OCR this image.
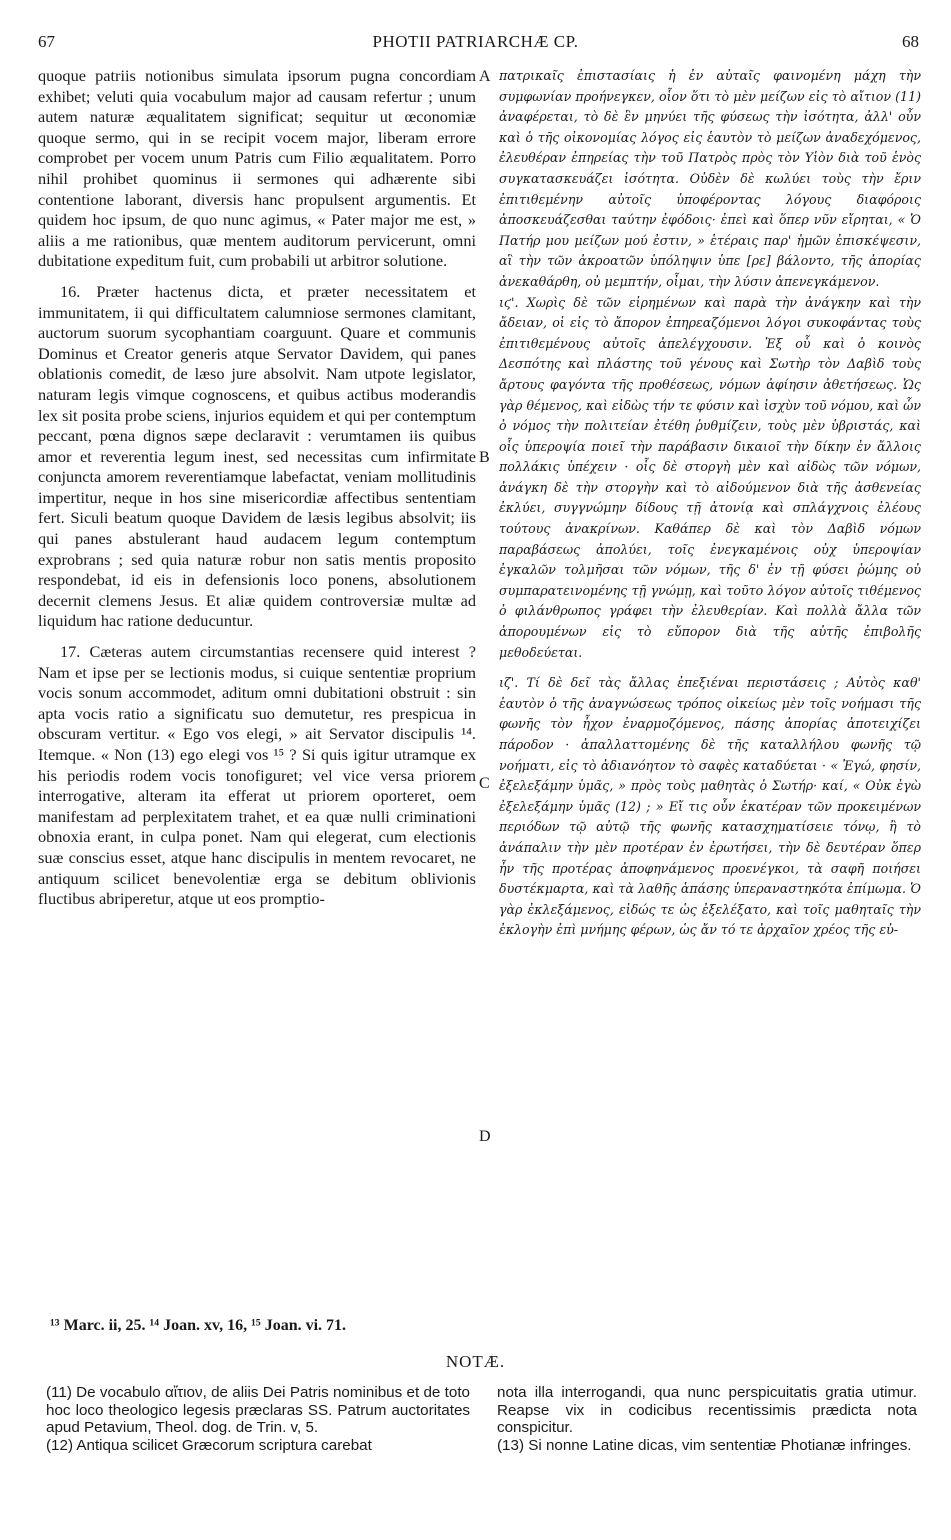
67	PHOTII PATRIARCHÆ CP.	68

quoque patriis notionibus simulata ipsorum pugna concordiam exhibet; veluti quia vocabulum major ad causam refertur ; unum autem naturæ æqualitatem significat; sequitur ut œconomiæ quoque sermo, qui in se recipit vocem major, liberam errore comprobet per vocem unum Patris cum Filio æqualitatem. Porro nihil prohibet quominus ii sermones qui adhærente sibi contentione laborant, diversis hanc propulsent argumentis. Et quidem hoc ipsum, de quo nunc agimus, « Pater major me est, » aliis a me rationibus, quæ mentem auditorum pervicerunt, omni dubitatione expeditum fuit, cum probabili ut arbitror solutione.

16. Præter hactenus dicta, et præter necessitatem et immunitatem, ii qui difficultatem calumniose sermones clamitant, auctorum suorum sycophantiam coarguunt. Quare et communis Dominus et Creator generis atque Servator Davidem, qui panes oblationis comedit, de læso jure absolvit. Nam utpote legislator, naturam legis vimque cognoscens, et quibus actibus moderandis lex sit posita probe sciens, injurios equidem et qui per contemptum peccant, pœna dignos sæpe declaravit : verumtamen iis quibus amor et reverentia legum inest, sed necessitas cum infirmitate conjuncta amorem reverentiamque labefactat, veniam mollitudinis impertitur, neque in hos sine misericordiæ affectibus sententiam fert. Siculi beatum quoque Davidem de læsis legibus absolvit; iis qui panes abstulerant haud audacem legum contemptum exprobrans ; sed quia naturæ robur non satis mentis proposito respondebat, id eis in defensionis loco ponens, absolutionem decernit clemens Jesus. Et aliæ quidem controversiæ multæ ad liquidum hac ratione deducuntur.

17. Cæteras autem circumstantias recensere quid interest ? Nam et ipse per se lectionis modus, si cuique sententiæ proprium vocis sonum accommodet, aditum omni dubitationi obstruit : sin apta vocis ratio a significatu suo demutetur, res prespicua in obscuram vertitur. « Ego vos elegi, » ait Servator discipulis ¹⁴. Itemque. « Non (13) ego elegi vos ¹⁵ ? Si quis igitur utramque ex his periodis rodem vocis tonofiguret; vel vice versa priorem interrogative, alteram ita efferat ut priorem oporteret, oem manifestam ad perplexitatem trahet, et ea quæ nulli criminationi obnoxia erant, in culpa ponet. Nam qui elegerat, cum electionis suæ conscius esset, atque hanc discipulis in mentem revocaret, ne antiquum scilicet benevolentiæ erga se debitum oblivionis fluctibus abriperetur, atque ut eos promptio-

A
B
C
D

πατρικαῖς ἐπιστασίαις ἡ ἐν αὐταῖς φαινομένη μάχη τὴν συμφωνίαν προήνεγκεν, οἷον ὅτι τὸ μὲν μείζων εἰς τὸ αἴτιον (11) ἀναφέρεται, τὸ δὲ ἓν μηνύει τῆς φύσεως τὴν ἰσότητα, ἀλλ' οὖν καὶ ὁ τῆς οἰκονομίας λόγος εἰς ἑαυτὸν τὸ μείζων ἀναδεχόμενος, ἐλευθέραν ἐπηρείας τὴν τοῦ Πατρὸς πρὸς τὸν Υἱὸν διὰ τοῦ ἑνὸς συγκατασκευάζει ἰσότητα. Οὐδὲν δὲ κωλύει τοὺς τὴν ἔριν ἐπιτιθεμένην αὐτοῖς ὑποφέροντας λόγους διαφόροις ἀποσκευάζεσθαι ταύτην ἐφόδοις· ἐπεὶ καὶ ὅπερ νῦν εἴρηται, « Ὁ Πατήρ μου μείζων μού ἐστιν, » ἑτέραις παρ' ἡμῶν ἐπισκέψεσιν, αἳ τὴν τῶν ἀκροατῶν ὑπόληψιν ὑπε [ρε] βάλοντο, τῆς ἀπορίας ἀνεκαθάρθη, οὐ μεμπτήν, οἶμαι, τὴν λύσιν ἀπενεγκάμενον.

ιϛ'. Χωρὶς δὲ τῶν εἰρημένων καὶ παρὰ τὴν ἀνάγκην καὶ τὴν ἄδειαν, οἱ εἰς τὸ ἄπορον ἐπηρεαζόμενοι λόγοι συκοφάντας τοὺς ἐπιτιθεμένους αὐτοῖς ἀπελέγχουσιν. Ἐξ οὗ καὶ ὁ κοινὸς Δεσπότης καὶ πλάστης τοῦ γένους καὶ Σωτὴρ τὸν Δαβὶδ τοὺς ἄρτους φαγόντα τῆς προθέσεως, νόμων ἀφίησιν ἀθετήσεως. Ὡς γὰρ θέμενος, καὶ εἰδὼς τήν τε φύσιν καὶ ἰσχὺν τοῦ νόμου, καὶ ὧν ὁ νόμος τὴν πολιτείαν ἐτέθη ῥυθμίζειν, τοὺς μὲν ὑβριστάς, καὶ οἷς ὑπεροψία ποιεῖ τὴν παράβασιν δικαιοῖ τὴν δίκην ἐν ἄλλοις πολλάκις ὑπέχειν · οἷς δὲ στοργὴ μὲν καὶ αἰδὼς τῶν νόμων, ἀνάγκη δὲ τὴν στοργὴν καὶ τὸ αἰδούμενον διὰ τῆς ἀσθενείας ἐκλύει, συγγνώμην δίδους τῇ ἀτονίᾳ καὶ σπλάγχνοις ἐλέους τούτους ἀνακρίνων. Καθάπερ δὲ καὶ τὸν Δαβὶδ νόμων παραβάσεως ἀπολύει, τοῖς ἐνεγκαμένοις οὐχ ὑπεροψίαν ἐγκαλῶν τολμῆσαι τῶν νόμων, τῆς δ' ἐν τῇ φύσει ῥώμης οὐ συμπαρατεινομένης τῇ γνώμῃ, καὶ τοῦτο λόγον αὐτοῖς τιθέμενος ὁ φιλάνθρωπος γράφει τὴν ἐλευθερίαν. Καὶ πολλὰ ἄλλα τῶν ἀπορουμένων εἰς τὸ εὔπορον διὰ τῆς αὐτῆς ἐπιβολῆς μεθοδεύεται.

ιζ'. Τί δὲ δεῖ τὰς ἄλλας ἐπεξιέναι περιστάσεις ; Αὐτὸς καθ' ἑαυτὸν ὁ τῆς ἀναγνώσεως τρόπος οἰκείως μὲν τοῖς νοήμασι τῆς φωνῆς τὸν ἦχον ἐναρμοζόμενος, πάσης ἀπορίας ἀποτειχίζει πάροδον · ἀπαλλαττομένης δὲ τῆς καταλλήλου φωνῆς τῷ νοήματι, εἰς τὸ ἀδιανόητον τὸ σαφὲς καταδύεται · « Ἐγώ, φησίν, ἐξελεξάμην ὑμᾶς, » πρὸς τοὺς μαθητὰς ὁ Σωτήρ· καί, « Οὐκ ἐγὼ ἐξελεξάμην ὑμᾶς (12) ; » Εἴ τις οὖν ἑκατέραν τῶν προκειμένων περιόδων τῷ αὐτῷ τῆς φωνῆς κατασχηματίσειε τόνῳ, ἢ τὸ ἀνάπαλιν τὴν μὲν προτέραν ἐν ἐρωτήσει, τὴν δὲ δευτέραν ὅπερ ἦν τῆς προτέρας ἀποφηνάμενος προενέγκοι, τὰ σαφῆ ποιήσει δυστέκμαρτα, καὶ τὰ λαθῆς ἁπάσης ὑπεραναστηκότα ἐπίμωμα. Ὁ γὰρ ἐκλεξάμενος, εἰδώς τε ὡς ἐξελέξατο, καὶ τοῖς μαθηταῖς τὴν ἐκλογὴν ἐπὶ μνήμης φέρων, ὡς ἄν τό τε ἀρχαῖον χρέος τῆς εὐ-

¹³ Marc. ii, 25. ¹⁴ Joan. xv, 16, ¹⁵ Joan. vi. 71.
NOTÆ.

(11) De vocabulo αἴτιον, de aliis Dei Patris nominibus et de toto hoc loco theologico legesis præclaras SS. Patrum auctoritates apud Petavium, Theol. dog. de Trin. v, 5.

(12) Antiqua scilicet Græcorum scriptura carebat

nota illa interrogandi, qua nunc perspicuitatis gratia utimur. Reapse vix in codicibus recentissimis prædicta nota conspicitur.

(13) Si nonne Latine dicas, vim sententiæ Photianæ infringes.
